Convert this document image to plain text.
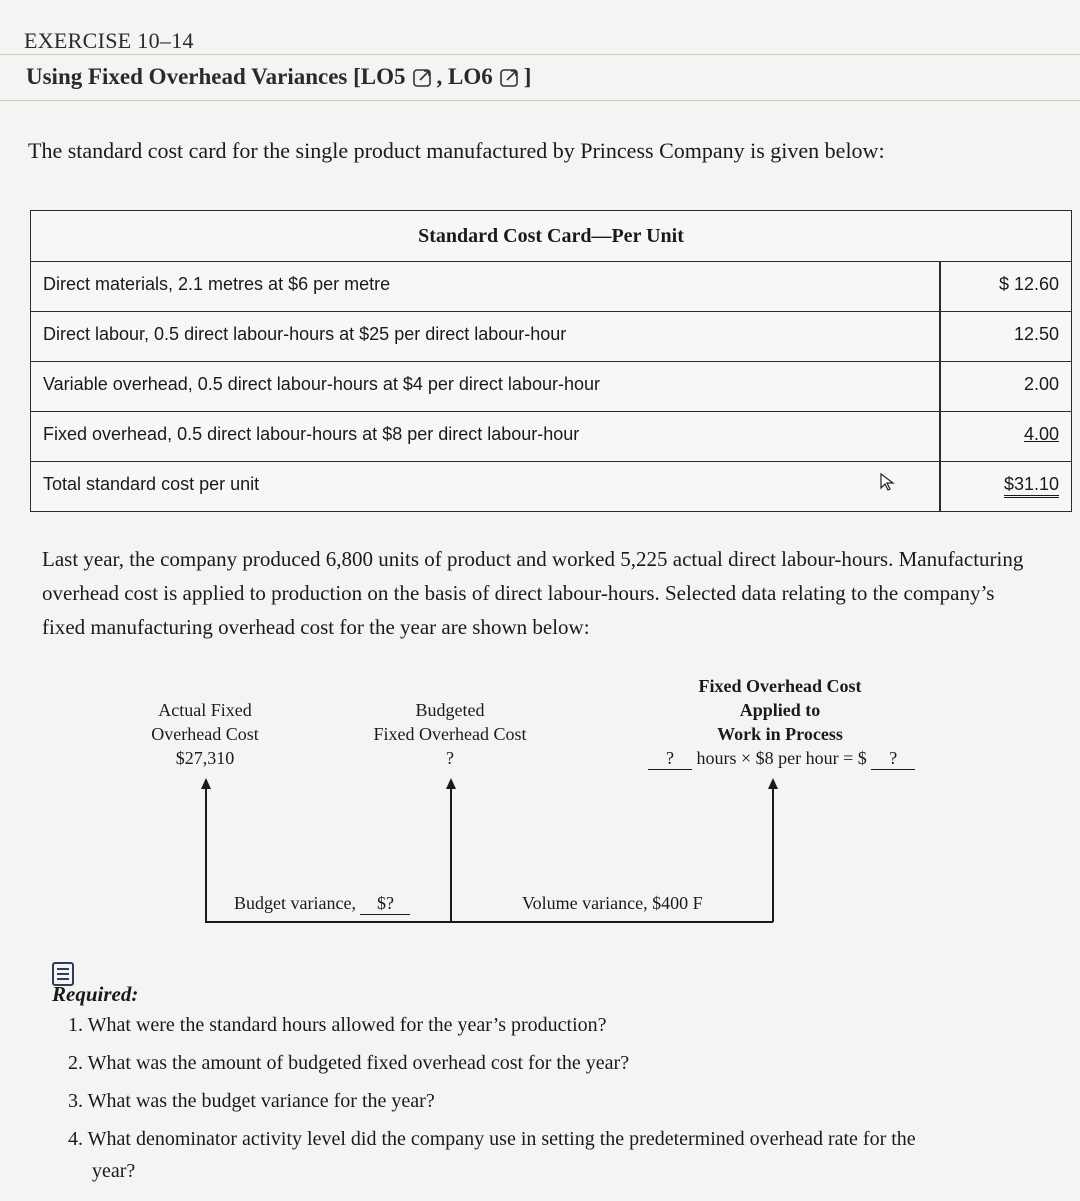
EXERCISE 10–14
Using Fixed Overhead Variances [LO5 , LO6 ]
The standard cost card for the single product manufactured by Princess Company is given below:
Standard Cost Card—Per Unit
Direct materials, 2.1 metres at $6 per metre	$ 12.60
Direct labour, 0.5 direct labour-hours at $25 per direct labour-hour	12.50
Variable overhead, 0.5 direct labour-hours at $4 per direct labour-hour	2.00
Fixed overhead, 0.5 direct labour-hours at $8 per direct labour-hour	4.00
Total standard cost per unit	$31.10
Last year, the company produced 6,800 units of product and worked 5,225 actual direct labour-hours. Manufacturing overhead cost is applied to production on the basis of direct labour-hours. Selected data relating to the company’s fixed manufacturing overhead cost for the year are shown below:
Actual Fixed
Overhead Cost
$27,310
Budgeted
Fixed Overhead Cost
?
Fixed Overhead Cost
Applied to
Work in Process
? hours × $8 per hour = $ ?
Budget variance, $?	Volume variance, $400 F
Required:
1. What were the standard hours allowed for the year’s production?
2. What was the amount of budgeted fixed overhead cost for the year?
3. What was the budget variance for the year?
4. What denominator activity level did the company use in setting the predetermined overhead rate for the
year?
